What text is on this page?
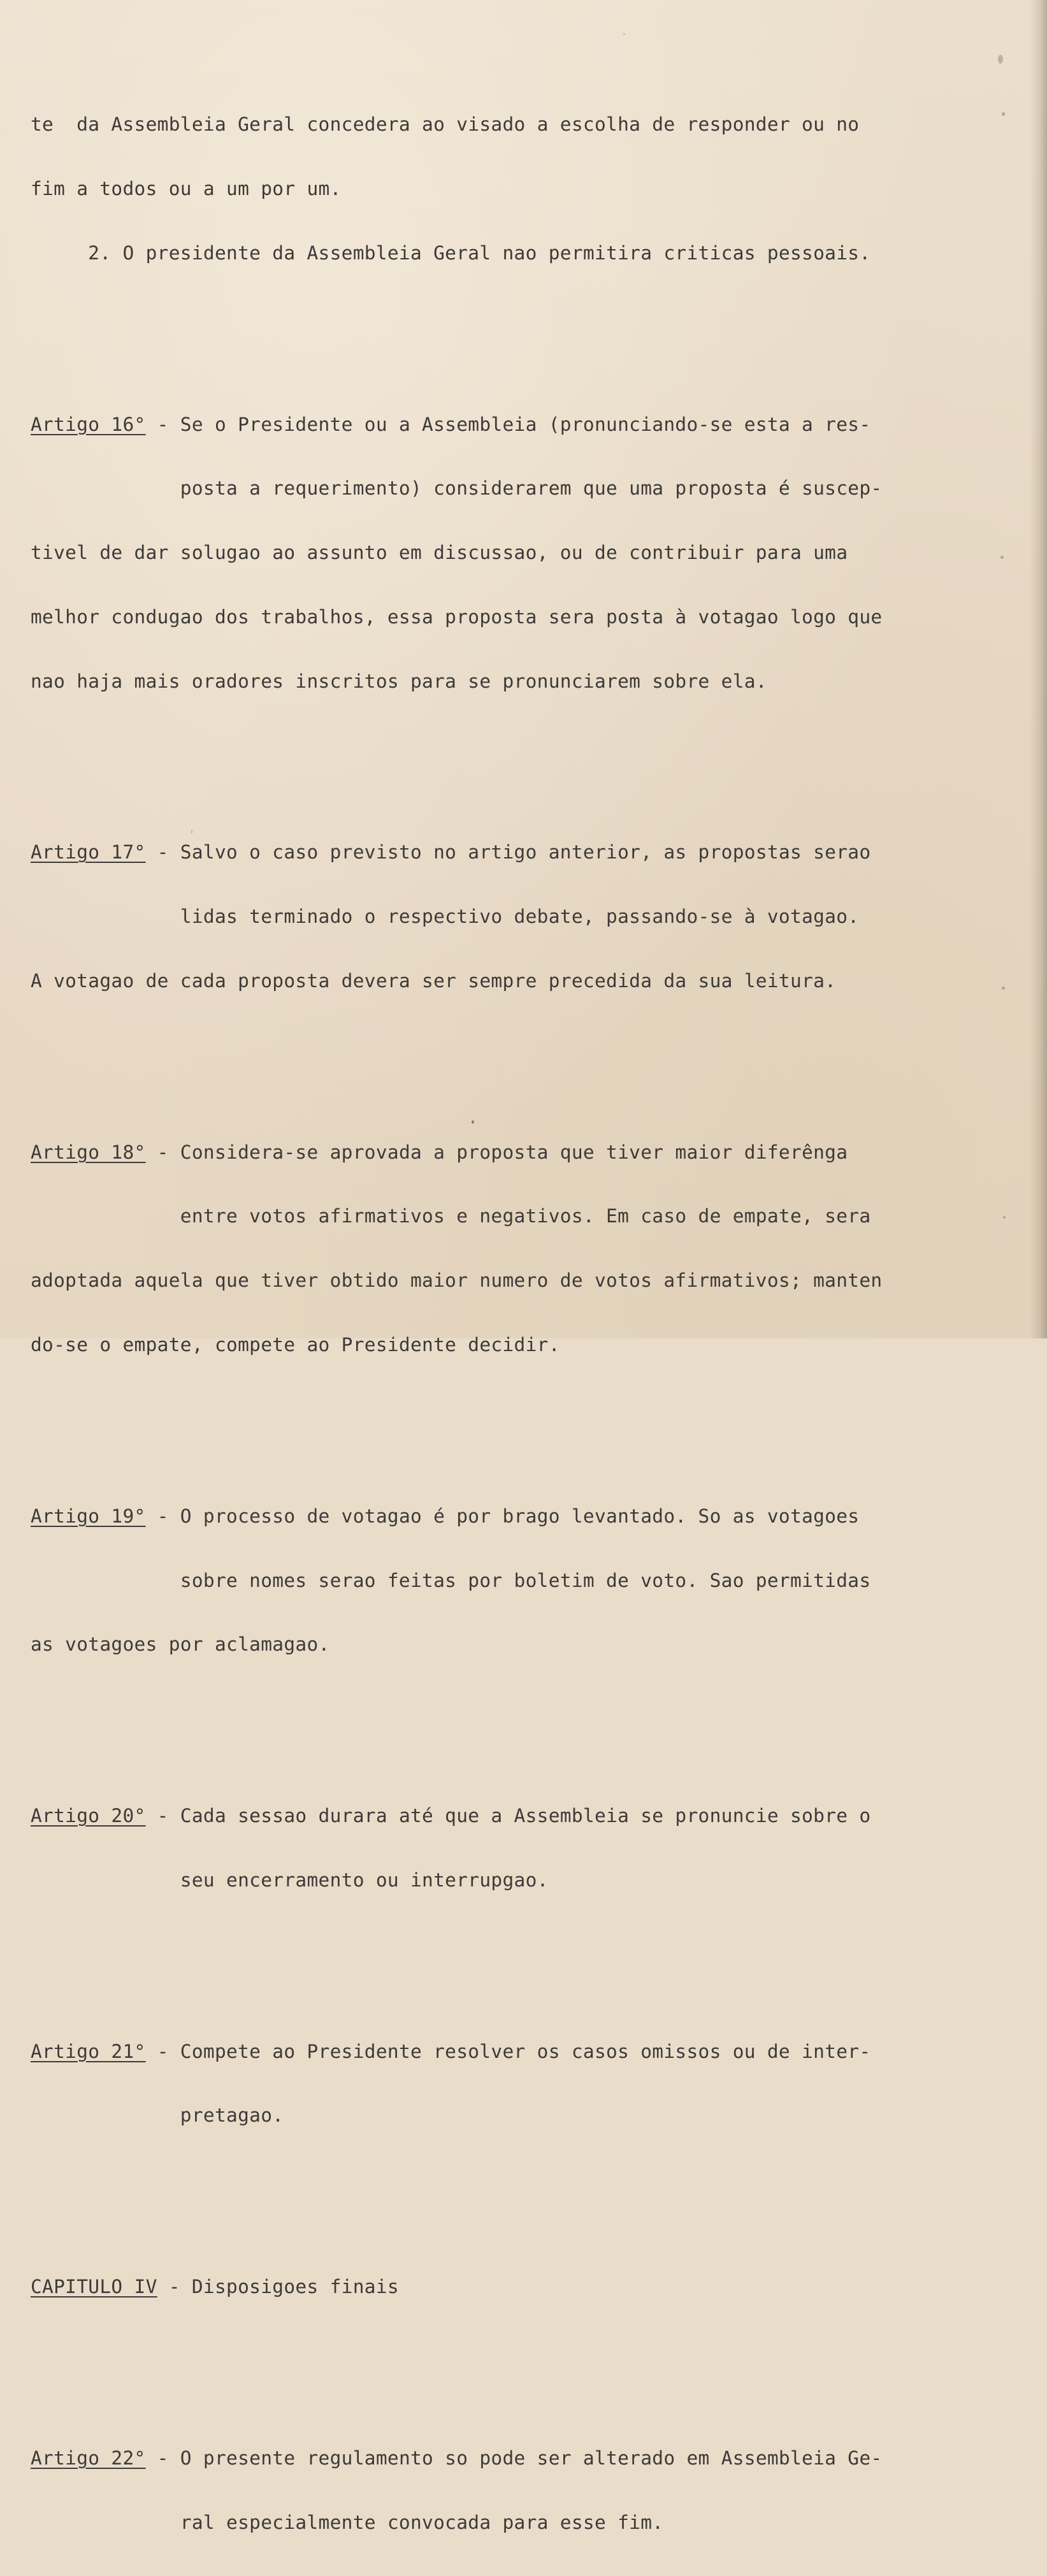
te  da Assembleia Geral concedera ao visado a escolha de responder ou no

fim a todos ou a um por um.

2. O presidente da Assembleia Geral nao permitira criticas pessoais.

Artigo 16° - Se o Presidente ou a Assembleia (pronunciando-se esta a res-

posta a requerimento) considerarem que uma proposta é suscep-

tivel de dar solugao ao assunto em discussao, ou de contribuir para uma

melhor condugao dos trabalhos, essa proposta sera posta à votagao logo que

nao haja mais oradores inscritos para se pronunciarem sobre ela.

Artigo 17° - Salvo o caso previsto no artigo anterior, as propostas serao

lidas terminado o respectivo debate, passando-se à votagao.

A votagao de cada proposta devera ser sempre precedida da sua leitura.

Artigo 18° - Considera-se aprovada a proposta que tiver maior diferênga

entre votos afirmativos e negativos. Em caso de empate, sera

adoptada aquela que tiver obtido maior numero de votos afirmativos; manten

do-se o empate, compete ao Presidente decidir.

Artigo 19° - O processo de votagao é por brago levantado. So as votagoes

sobre nomes serao feitas por boletim de voto. Sao permitidas

as votagoes por aclamagao.

Artigo 20° - Cada sessao durara até que a Assembleia se pronuncie sobre o

seu encerramento ou interrupgao.

Artigo 21° - Compete ao Presidente resolver os casos omissos ou de inter-

pretagao.

CAPITULO IV - Disposigoes finais

Artigo 22° - O presente regulamento so pode ser alterado em Assembleia Ge-

ral especialmente convocada para esse fim.
